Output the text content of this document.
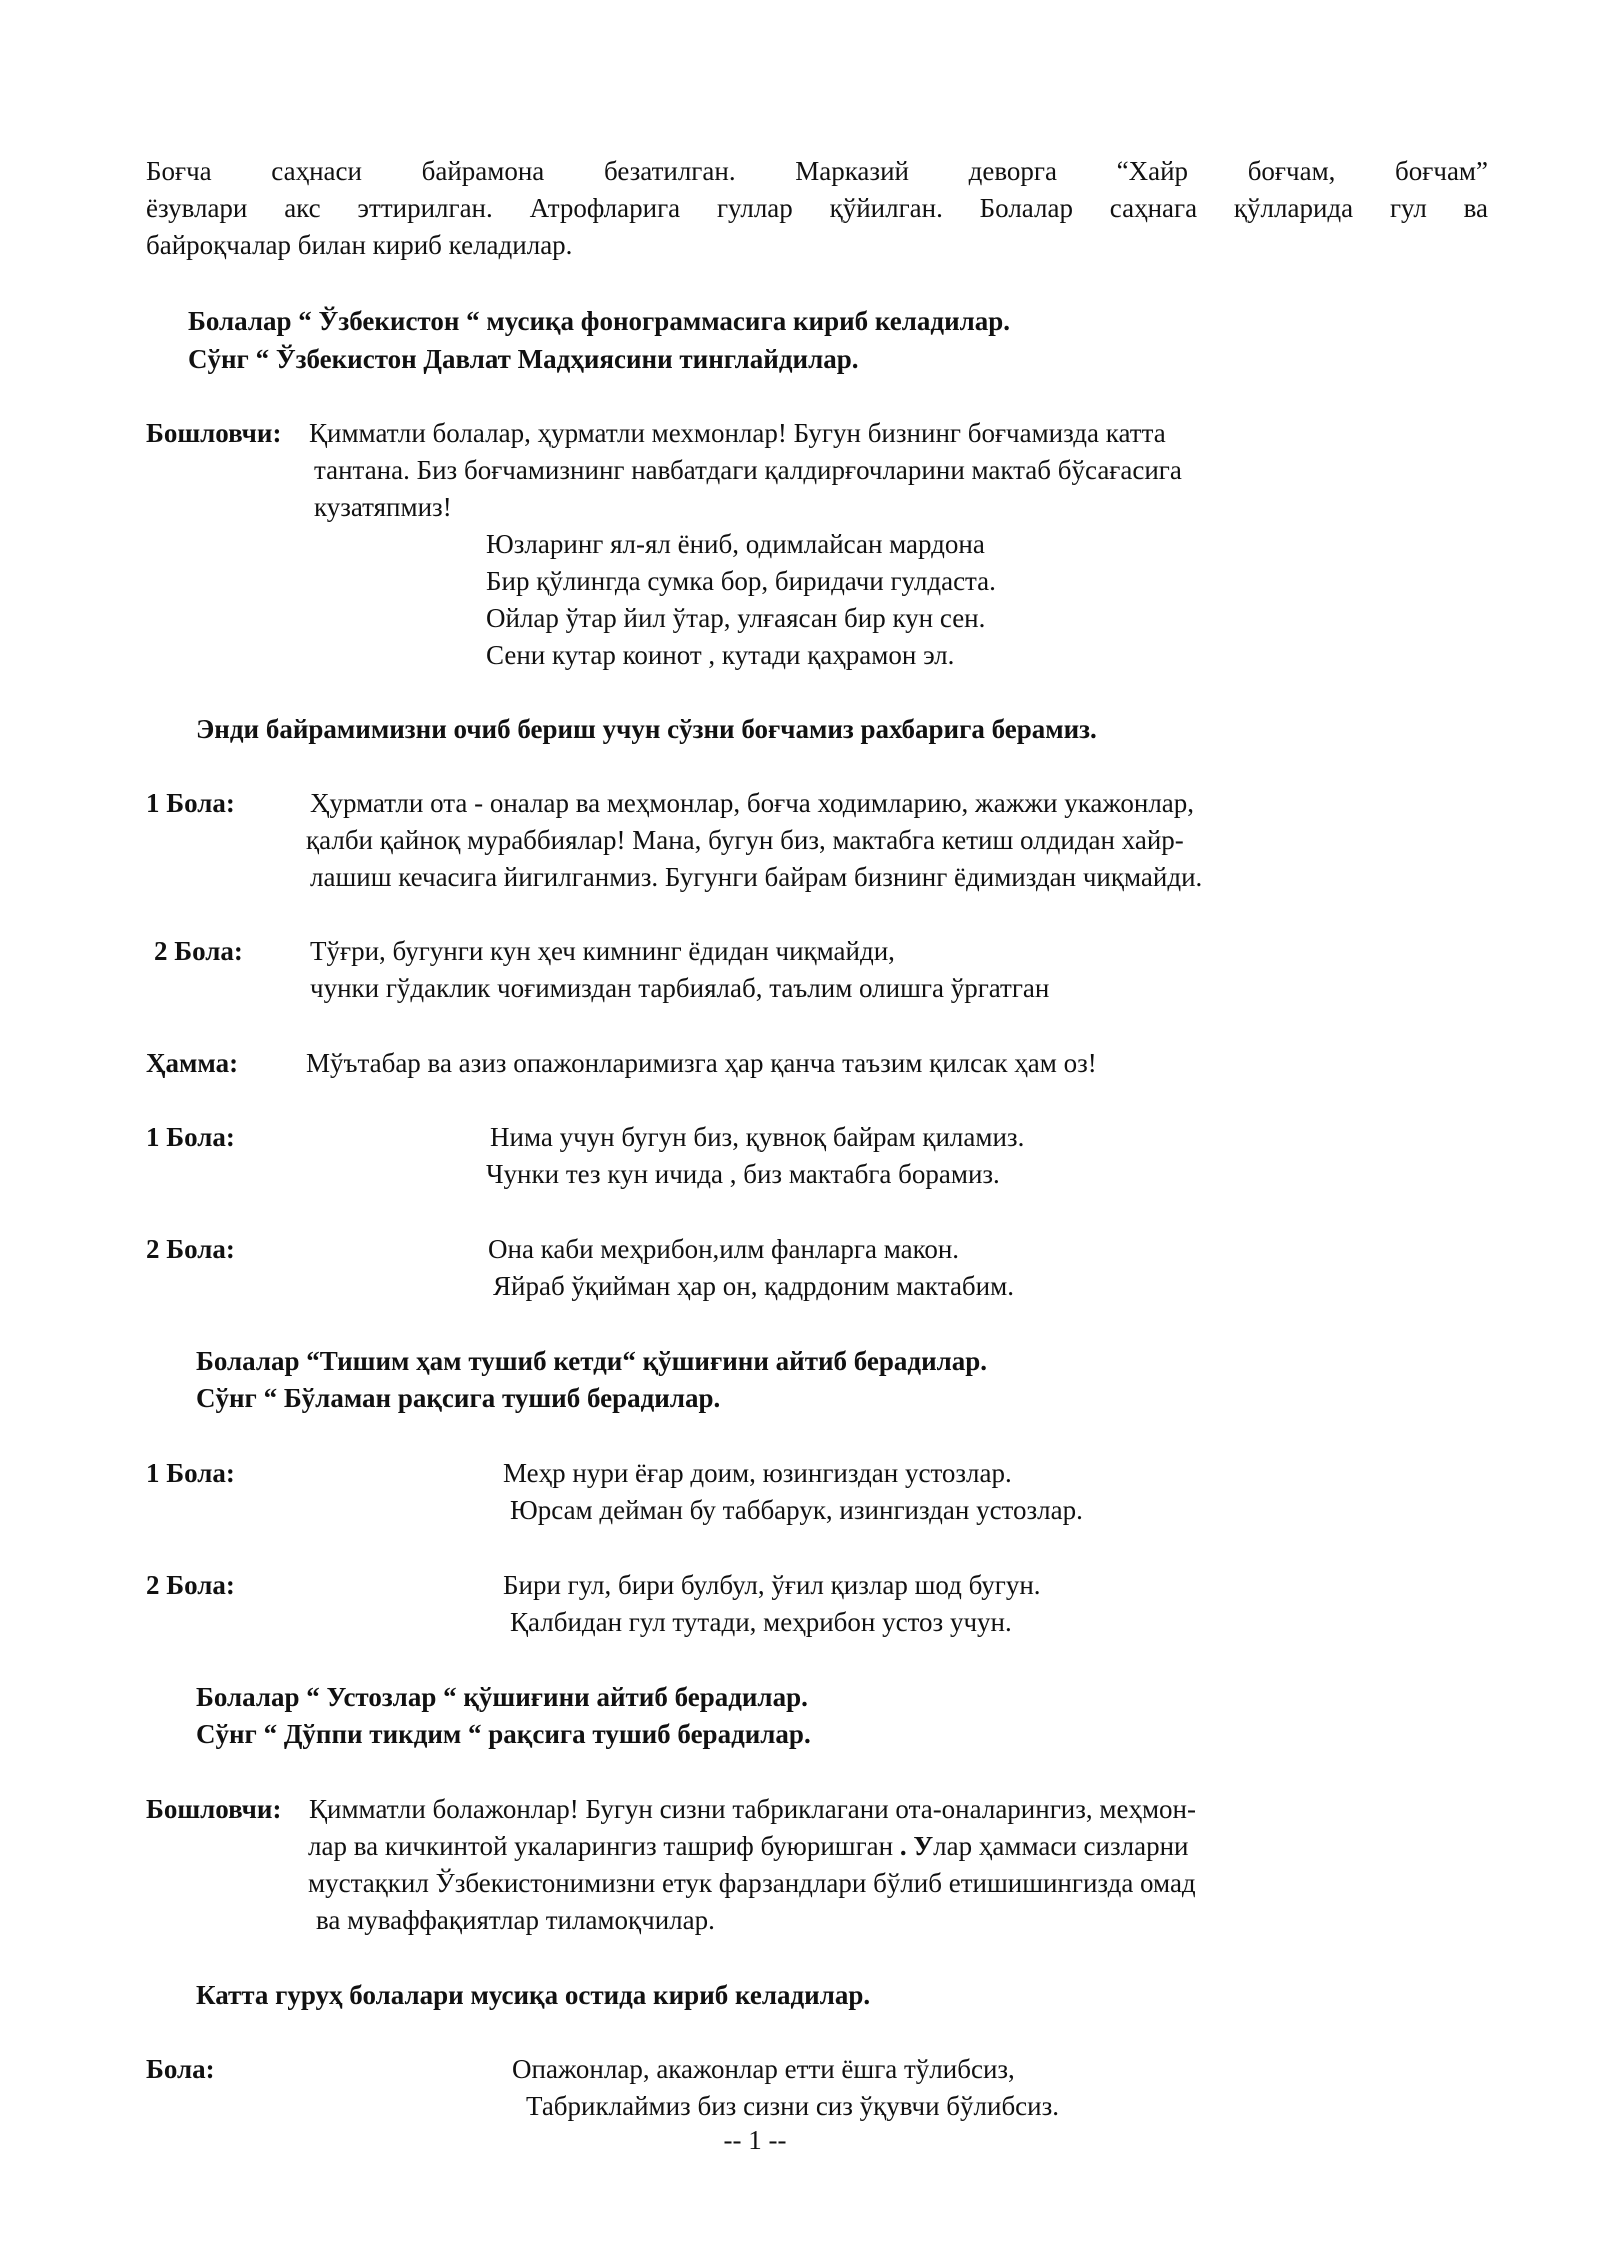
Боғча саҳнаси байрамона безатилган. Марказий деворга “Хайр боғчам, боғчам”
ёзувлари акс эттирилган. Атрофларига гуллар қўйилган. Болалар саҳнага қўлларида гул ва
байроқчалар билан кириб келадилар.
Болалар “ Ўзбекистон “ мусиқа фонограммасига кириб келадилар.
Сўнг “ Ўзбекистон Давлат Мадҳиясини тинглайдилар.
Бошловчи: Қимматли болалар, ҳурматли мехмонлар! Бугун бизнинг боғчамизда катта
тантана. Биз боғчамизнинг навбатдаги қалдирғочларини мактаб бўсағасига
кузатяпмиз!
Юзларинг ял-ял ёниб, одимлайсан мардона
Бир қўлингда сумка бор, биридачи гулдаста.
Ойлар ўтар йил ўтар, улғаясан бир кун сен.
Сени кутар коинот , кутади қаҳрамон эл.
Энди байрамимизни очиб бериш учун сўзни боғчамиз рахбарига берамиз.
1 Бола:	Ҳурматли ота - оналар ва меҳмонлар, боғча ходимларию, жажжи укажонлар,
қалби қайноқ мураббиялар! Мана, бугун биз, мактабга кетиш олдидан хайр-
лашиш кечасига йигилганмиз. Бугунги байрам бизнинг ёдимиздан чиқмайди.
2 Бола: Тўғри, бугунги кун ҳеч кимнинг ёдидан чиқмайди,
чунки гўдаклик чоғимиздан тарбиялаб, таълим олишга ўргатган
Ҳамма:	Мўътабар ва азиз опажонларимизга ҳар қанча таъзим қилсак ҳам оз!
1 Бола:	Нима учун бугун биз, қувноқ байрам қиламиз.
Чунки тез кун ичида , биз мактабга борамиз.
2 Бола:	Она каби меҳрибон,илм фанларга макон.
Яйраб ўқийман ҳар он, қадрдоним мактабим.
Болалар “Тишим ҳам тушиб кетди“ қўшиғини айтиб берадилар.
Сўнг “ Бўламан рақсига тушиб берадилар.
1 Бола:	Меҳр нури ёғар доим, юзингиздан устозлар.
Юрсам дейман бу таббарук, изингиздан устозлар.
2 Бола:	Бири гул, бири булбул, ўғил қизлар шод бугун.
Қалбидан гул тутади, меҳрибон устоз учун.
Болалар “ Устозлар “ қўшиғини айтиб берадилар.
Сўнг “ Дўппи тикдим “ рақсига тушиб берадилар.
Бошловчи: Қимматли болажонлар! Бугун сизни табриклагани ота-оналарингиз, меҳмон-
лар ва кичкинтой укаларингиз ташриф буюришган . Улар ҳаммаси сизларни
мустақкил Ўзбекистонимизни етук фарзандлари бўлиб етишишингизда омад
ва муваффақиятлар тиламоқчилар.
Катта гуруҳ болалари мусиқа остида кириб келадилар.
Бола:	Опажонлар, акажонлар етти ёшга тўлибсиз,
Табриклаймиз биз сизни сиз ўқувчи бўлибсиз.
-- 1 --
